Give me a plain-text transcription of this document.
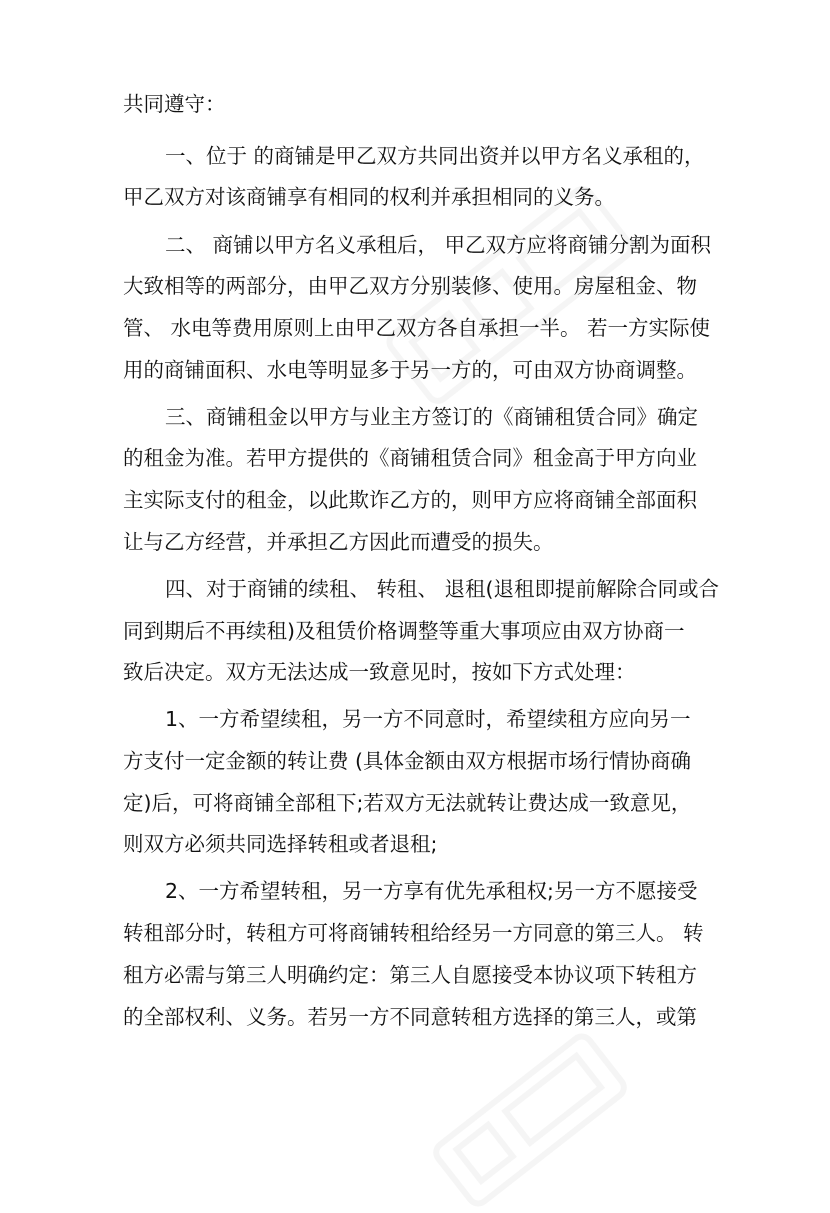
共同遵守：
一、位于 的商铺是甲乙双方共同出资并以甲方名义承租的，
甲乙双方对该商铺享有相同的权利并承担相同的义务。
二、 商铺以甲方名义承租后， 甲乙双方应将商铺分割为面积
大致相等的两部分，由甲乙双方分别装修、使用。房屋租金、物
管、 水电等费用原则上由甲乙双方各自承担一半。 若一方实际使
用的商铺面积、水电等明显多于另一方的，可由双方协商调整。
三、商铺租金以甲方与业主方签订的《商铺租赁合同》确定
的租金为准。若甲方提供的《商铺租赁合同》租金高于甲方向业
主实际支付的租金，以此欺诈乙方的，则甲方应将商铺全部面积
让与乙方经营，并承担乙方因此而遭受的损失。
四、对于商铺的续租、 转租、 退租(退租即提前解除合同或合
同到期后不再续租)及租赁价格调整等重大事项应由双方协商一
致后决定。双方无法达成一致意见时，按如下方式处理：
1、一方希望续租，另一方不同意时，希望续租方应向另一
方支付一定金额的转让费 (具体金额由双方根据市场行情协商确
定)后，可将商铺全部租下;若双方无法就转让费达成一致意见，
则双方必须共同选择转租或者退租;
2、一方希望转租，另一方享有优先承租权;另一方不愿接受
转租部分时，转租方可将商铺转租给经另一方同意的第三人。 转
租方必需与第三人明确约定：第三人自愿接受本协议项下转租方
的全部权利、义务。若另一方不同意转租方选择的第三人，或第
